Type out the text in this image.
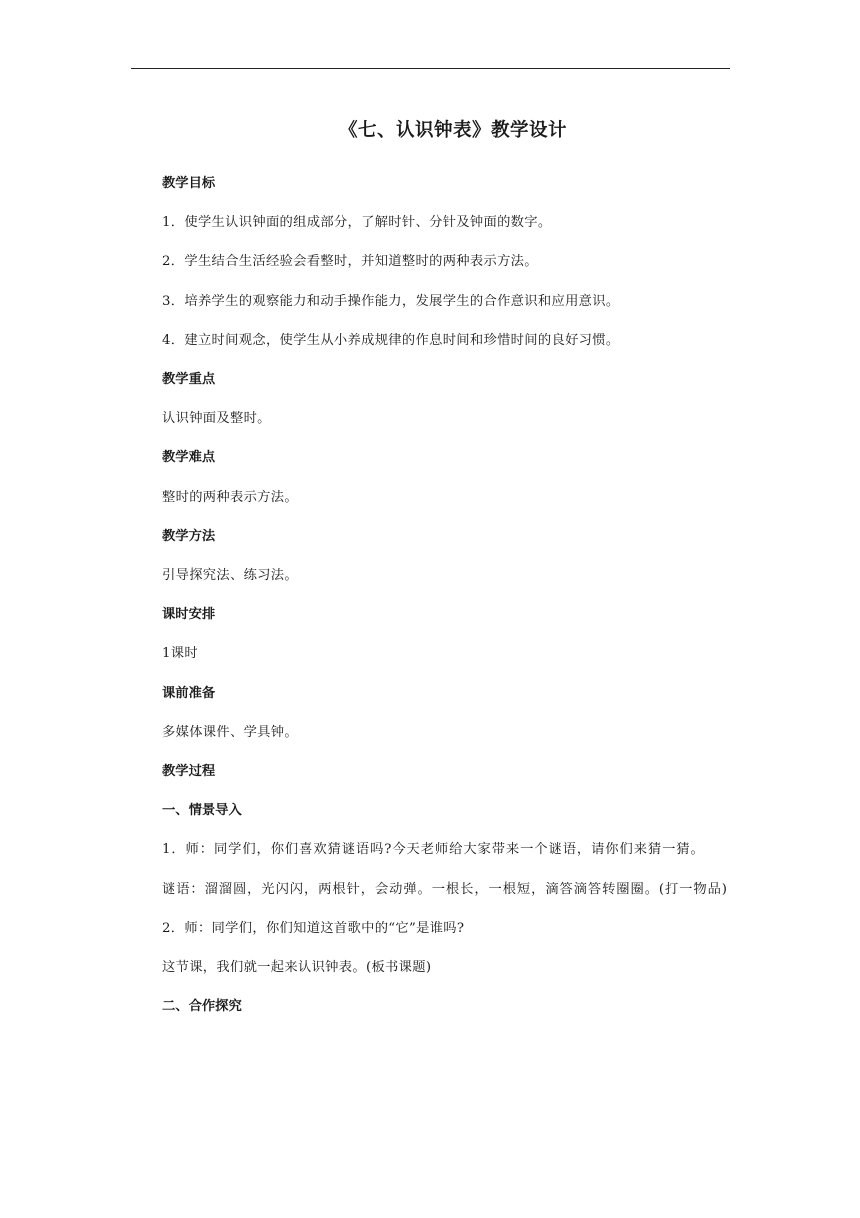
《七、认识钟表》教学设计

教学目标

1．使学生认识钟面的组成部分，了解时针、分针及钟面的数字。

2．学生结合生活经验会看整时，并知道整时的两种表示方法。

3．培养学生的观察能力和动手操作能力，发展学生的合作意识和应用意识。

4．建立时间观念，使学生从小养成规律的作息时间和珍惜时间的良好习惯。

教学重点

认识钟面及整时。

教学难点

整时的两种表示方法。

教学方法

引导探究法、练习法。

课时安排

1课时

课前准备

多媒体课件、学具钟。

教学过程

一、情景导入

1．师：同学们，你们喜欢猜谜语吗?今天老师给大家带来一个谜语，请你们来猜一猜。

谜语：溜溜圆，光闪闪，两根针，会动弹。一根长，一根短，滴答滴答转圈圈。(打一物品)

2．师：同学们，你们知道这首歌中的“它”是谁吗?

这节课，我们就一起来认识钟表。(板书课题)

二、合作探究
